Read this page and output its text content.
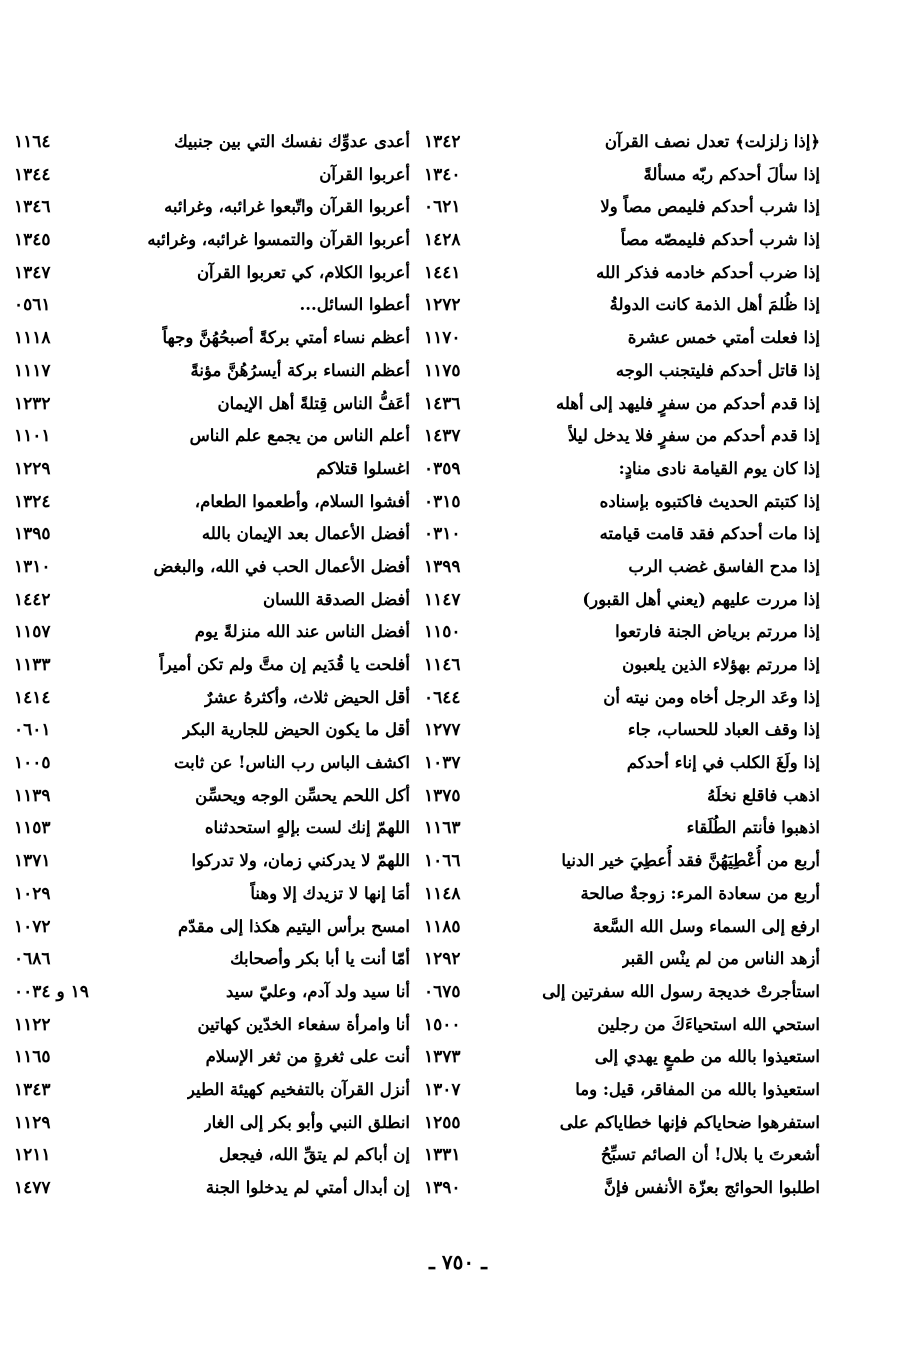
﴿إذا زلزلت﴾ تعدل نصف القرآن
١٣٤٢
إذا سألَ أحدكم ربّه مسألةً
١٣٤٠
إذا شرب أحدكم فليمص مصاً ولا
٠٦٢١
إذا شرب أحدكم فليمصّه مصاً
١٤٢٨
إذا ضرب أحدكم خادمه فذكر الله
١٤٤١
إذا ظُلمَ أهل الذمة كانت الدولةُ
١٢٧٢
إذا فعلت أمتي خمس عشرة
١١٧٠
إذا قاتل أحدكم فليتجنب الوجه
١١٧٥
إذا قدم أحدكم من سفرٍ فليهد إلى أهله
١٤٣٦
إذا قدم أحدكم من سفرٍ فلا يدخل ليلاً
١٤٣٧
إذا كان يوم القيامة نادى منادٍ:
٠٣٥٩
إذا كتبتم الحديث فاكتبوه بإسناده
٠٣١٥
إذا مات أحدكم فقد قامت قيامته
٠٣١٠
إذا مدح الفاسق غضب الرب
١٣٩٩
إذا مررت عليهم (يعني أهل القبور)
١١٤٧
إذا مررتم برياض الجنة فارتعوا
١١٥٠
إذا مررتم بهؤلاء الذين يلعبون
١١٤٦
إذا وعَد الرجل أخاه ومن نيته أن
٠٦٤٤
إذا وقف العباد للحساب، جاء
١٢٧٧
إذا ولَغَ الكلب في إناء أحدكم
١٠٣٧
اذهب فاقلع نخلَهُ
١٣٧٥
اذهبوا فأنتم الطُلَقاء
١١٦٣
أربع من أُعْطِيَهُنَّ فقد أُعطِيَ خير الدنيا
١٠٦٦
أربع من سعادة المرء: زوجةٌ صالحة
١١٤٨
ارفع إلى السماء وسل الله السَّعة
١١٨٥
أزهد الناس من لم ينْس القبر
١٢٩٢
استأجرتْ خديجة رسول الله سفرتين إلى
٠٦٧٥
استحي الله استحياءَكَ من رجلين
١٥٠٠
استعيذوا بالله من طمعٍ يهدي إلى
١٣٧٣
استعيذوا بالله من المفاقر، قيل: وما
١٣٠٧
استفرهوا ضحاياكم فإنها خطاياكم على
١٢٥٥
أشعرتَ يا بلال! أن الصائم تسبِّحُ
١٣٣١
اطلبوا الحوائج بعزّة الأنفس فإنَّ
١٣٩٠
أعدى عدوِّك نفسك التي بين جنبيك
١١٦٤
أعربوا القرآن
١٣٤٤
أعربوا القرآن واتّبعوا غرائبه، وغرائبه
١٣٤٦
أعربوا القرآن والتمسوا غرائبه، وغرائبه
١٣٤٥
أعربوا الكلام، كي تعربوا القرآن
١٣٤٧
أعطوا السائل...
٠٥٦١
أعظم نساء أمتي بركةً أصبحُهُنَّ وجهاً
١١١٨
أعظم النساء بركة أيسرُهُنَّ مؤنةً
١١١٧
أعَفُّ الناس قِتلةً أهل الإيمان
١٢٣٢
أعلم الناس من يجمع علم الناس
١١٠١
اغسلوا قتلاكم
١٢٢٩
أفشوا السلام، وأطعموا الطعام،
١٣٢٤
أفضل الأعمال بعد الإيمان بالله
١٣٩٥
أفضل الأعمال الحب في الله، والبغض
١٣١٠
أفضل الصدقة اللسان
١٤٤٢
أفضل الناس عند الله منزلةً يوم
١١٥٧
أفلحت يا قُدَيم إن متَّ ولم تكن أميراً
١١٣٣
أقل الحيض ثلاث، وأكثرهُ عشرٌ
١٤١٤
أقل ما يكون الحيض للجارية البكر
٠٦٠١
اكشف الباس رب الناس! عن ثابت
١٠٠٥
أكل اللحم يحسِّن الوجه ويحسِّن
١١٣٩
اللهمّ إنك لست بإلهٍ استحدثناه
١١٥٣
اللهمّ لا يدركني زمان، ولا تدركوا
١٣٧١
أمَا إنها لا تزيدك إلا وهناً
١٠٢٩
امسح برأس اليتيم هكذا إلى مقدّم
١٠٧٢
أمّا أنت يا أبا بكر وأصحابك
٠٦٨٦
أنا سيد ولد آدم، وعليّ سيد
١٩ و ٠٠٣٤
أنا وامرأة سفعاء الخدّين كهاتين
١١٢٢
أنت على ثغرةٍ من ثغر الإسلام
١١٦٥
أنزل القرآن بالتفخيم كهيئة الطير
١٣٤٣
انطلق النبي وأبو بكر إلى الغار
١١٢٩
إن أباكم لم يتقِّ الله، فيجعل
١٢١١
إن أبدال أمتي لم يدخلوا الجنة
١٤٧٧
ـ ٧٥٠ ـ
